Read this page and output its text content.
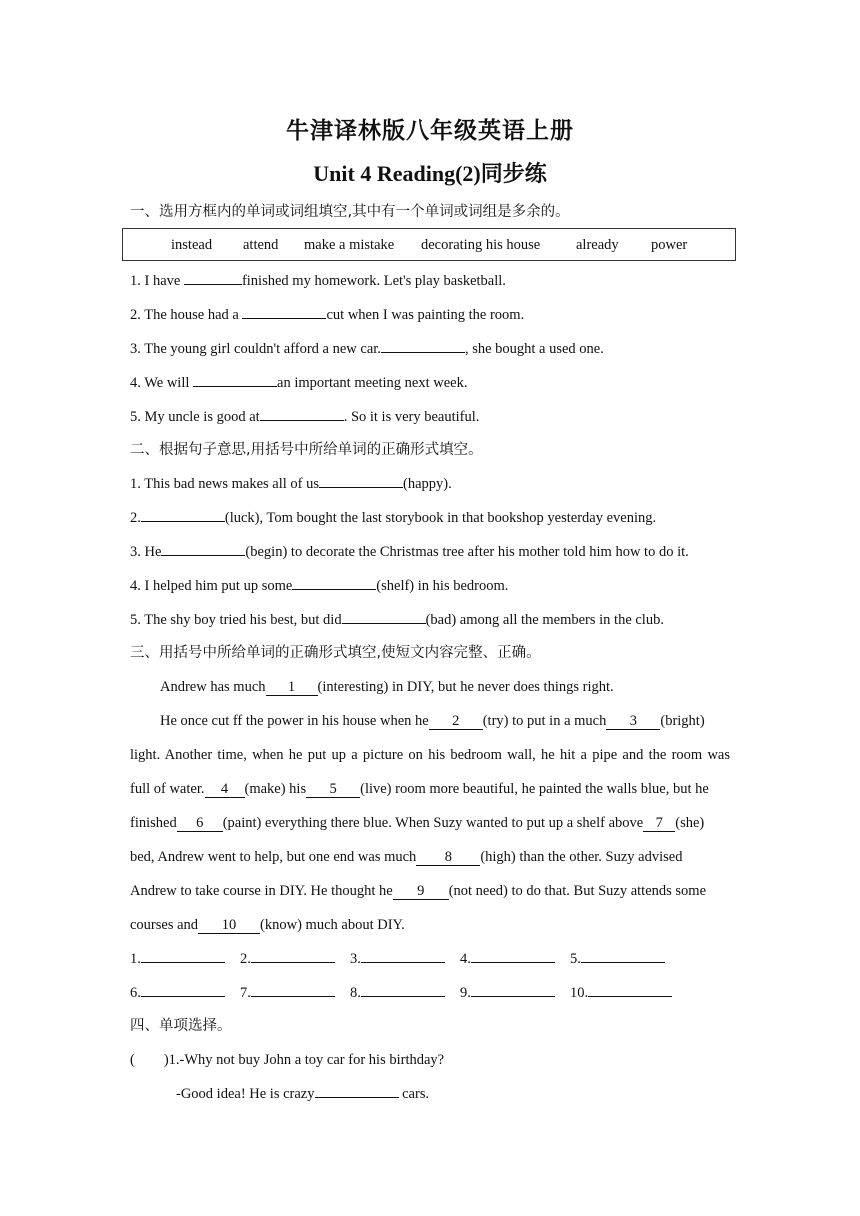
牛津译林版八年级英语上册
Unit 4 Reading(2)同步练
一、选用方框内的单词或词组填空,其中有一个单词或词组是多余的。
instead attend make a mistake decorating his house already power
1. I have	finished my homework. Let's play basketball.
2. The house had a	cut when I was painting the room.
3. The young girl couldn't afford a new car.	, she bought a used one.
4. We will	an important meeting next week.
5. My uncle is good at	. So it is very beautiful.
二、根据句子意思,用括号中所给单词的正确形式填空。
1. This bad news makes all of us	(happy).
2.	(luck), Tom bought the last storybook in that bookshop yesterday evening.
3. He	(begin) to decorate the Christmas tree after his mother told him how to do it.
4. I helped him put up some	(shelf) in his bedroom.
5. The shy boy tried his best, but did	(bad) among all the members in the club.
三、用括号中所给单词的正确形式填空,使短文内容完整、正确。
Andrew has much 1 (interesting) in DIY, but he never does things right.
He once cut ff the power in his house when he 2 (try) to put in a much 3 (bright)
light. Another time, when he put up a picture on his bedroom wall, he hit a pipe and the room was
full of water. 4 (make) his 5 (live) room more beautiful, he painted the walls blue, but he
finished 6 (paint) everything there blue. When Suzy wanted to put up a shelf above 7 (she)
bed, Andrew went to help, but one end was much 8 (high) than the other. Suzy advised
Andrew to take course in DIY. He thought he 9 (not need) to do that. But Suzy attends some
courses and 10 (know) much about DIY.
1.	2.	3.	4.	5.
6.	7.	8.	9.	10.
四、单项选择。
(        )1.-Why not buy John a toy car for his birthday?
-Good idea! He is crazy	cars.
